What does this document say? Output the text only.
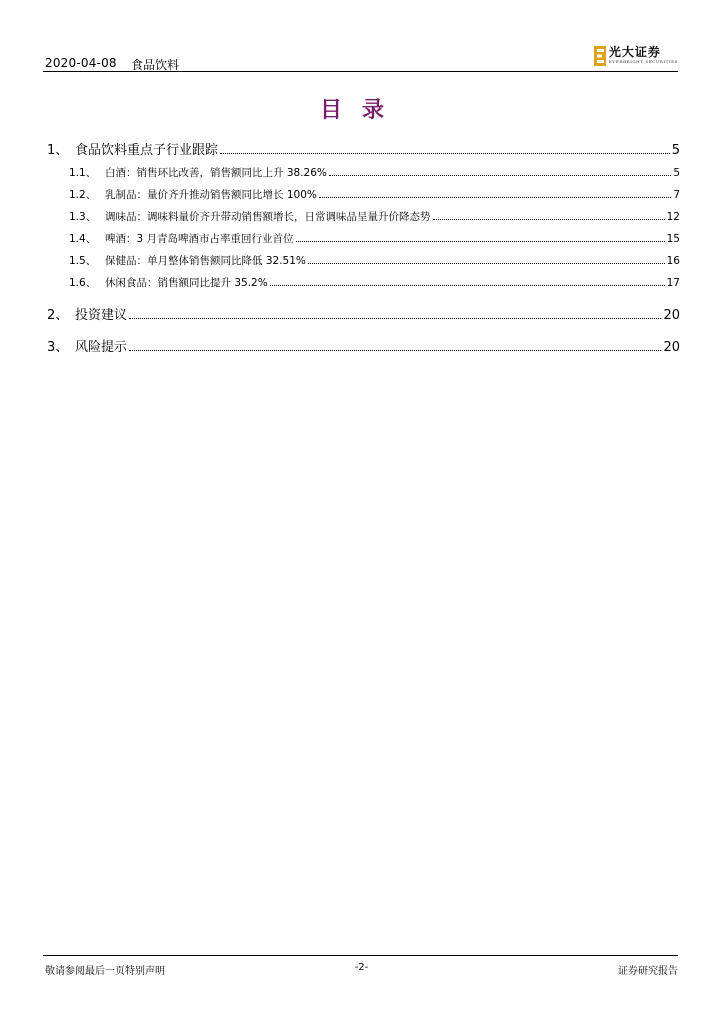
2020-04-08 食品饮料
光大证券
EVERBRIGHT SECURITIES
目录
1、 食品饮料重点子行业跟踪	5
1.1、 白酒：销售环比改善，销售额同比上升 38.26%	5
1.2、 乳制品：量价齐升推动销售额同比增长 100%	7
1.3、 调味品：调味料量价齐升带动销售额增长，日常调味品呈量升价降态势	12
1.4、 啤酒：3 月青岛啤酒市占率重回行业首位	15
1.5、 保健品：单月整体销售额同比降低 32.51%	16
1.6、 休闲食品：销售额同比提升 35.2%	17
2、 投资建议	20
3、 风险提示	20
敬请参阅最后一页特别声明	-2-	证券研究报告
